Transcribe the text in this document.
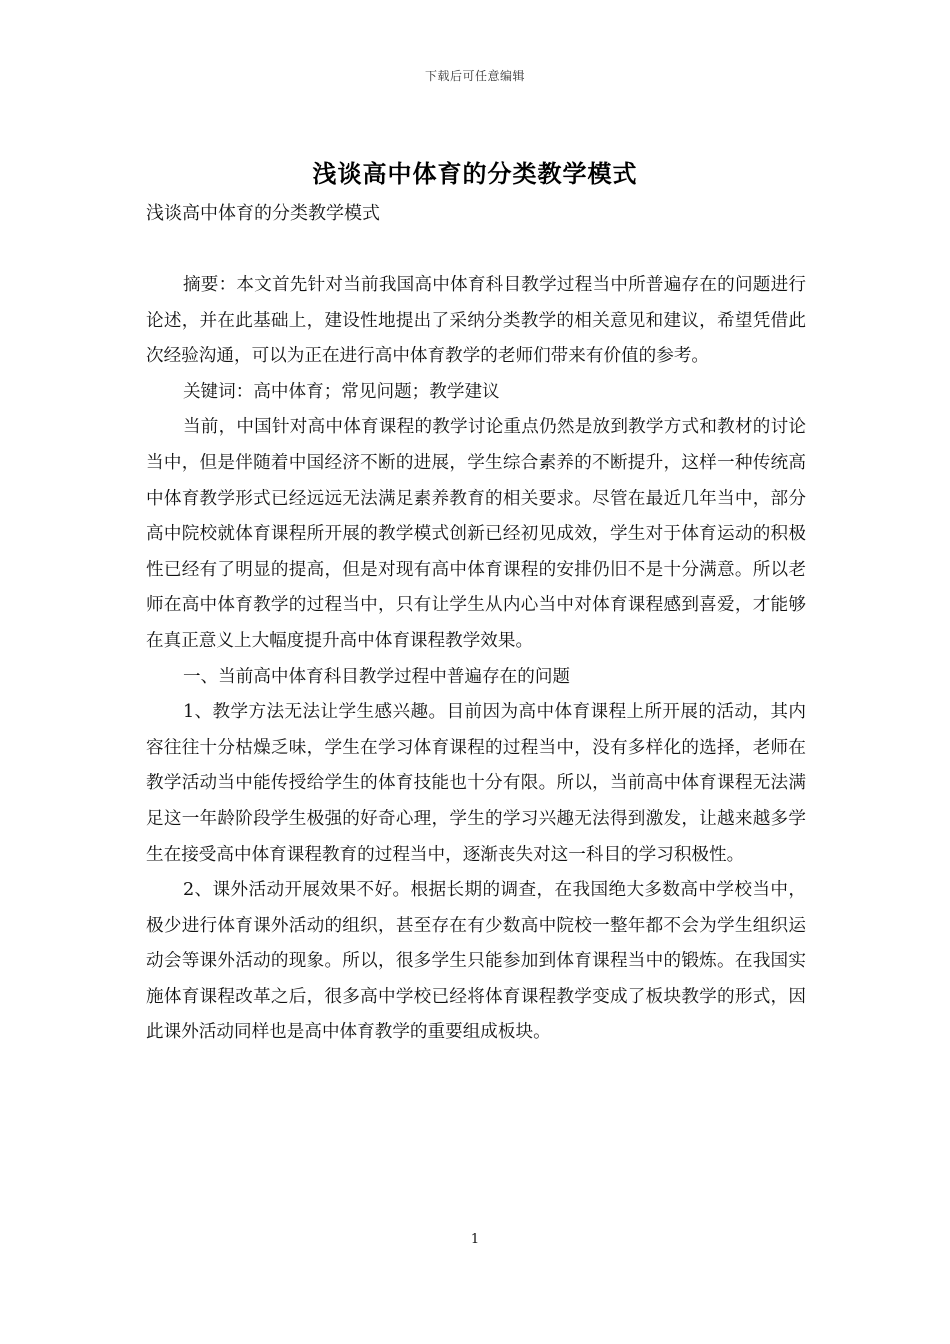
下载后可任意编辑
浅谈高中体育的分类教学模式

浅谈高中体育的分类教学模式

摘要：本文首先针对当前我国高中体育科目教学过程当中所普遍存在的问题进行论述，并在此基础上，建设性地提出了采纳分类教学的相关意见和建议，希望凭借此次经验沟通，可以为正在进行高中体育教学的老师们带来有价值的参考。

关键词：高中体育；常见问题；教学建议

当前，中国针对高中体育课程的教学讨论重点仍然是放到教学方式和教材的讨论当中，但是伴随着中国经济不断的进展，学生综合素养的不断提升，这样一种传统高中体育教学形式已经远远无法满足素养教育的相关要求。尽管在最近几年当中，部分高中院校就体育课程所开展的教学模式创新已经初见成效，学生对于体育运动的积极性已经有了明显的提高，但是对现有高中体育课程的安排仍旧不是十分满意。所以老师在高中体育教学的过程当中，只有让学生从内心当中对体育课程感到喜爱，才能够在真正意义上大幅度提升高中体育课程教学效果。

一、当前高中体育科目教学过程中普遍存在的问题

1、教学方法无法让学生感兴趣。目前因为高中体育课程上所开展的活动，其内容往往十分枯燥乏味，学生在学习体育课程的过程当中，没有多样化的选择，老师在教学活动当中能传授给学生的体育技能也十分有限。所以，当前高中体育课程无法满足这一年龄阶段学生极强的好奇心理，学生的学习兴趣无法得到激发，让越来越多学生在接受高中体育课程教育的过程当中，逐渐丧失对这一科目的学习积极性。

2、课外活动开展效果不好。根据长期的调查，在我国绝大多数高中学校当中，极少进行体育课外活动的组织，甚至存在有少数高中院校一整年都不会为学生组织运动会等课外活动的现象。所以，很多学生只能参加到体育课程当中的锻炼。在我国实施体育课程改革之后，很多高中学校已经将体育课程教学变成了板块教学的形式，因此课外活动同样也是高中体育教学的重要组成板块。

1
